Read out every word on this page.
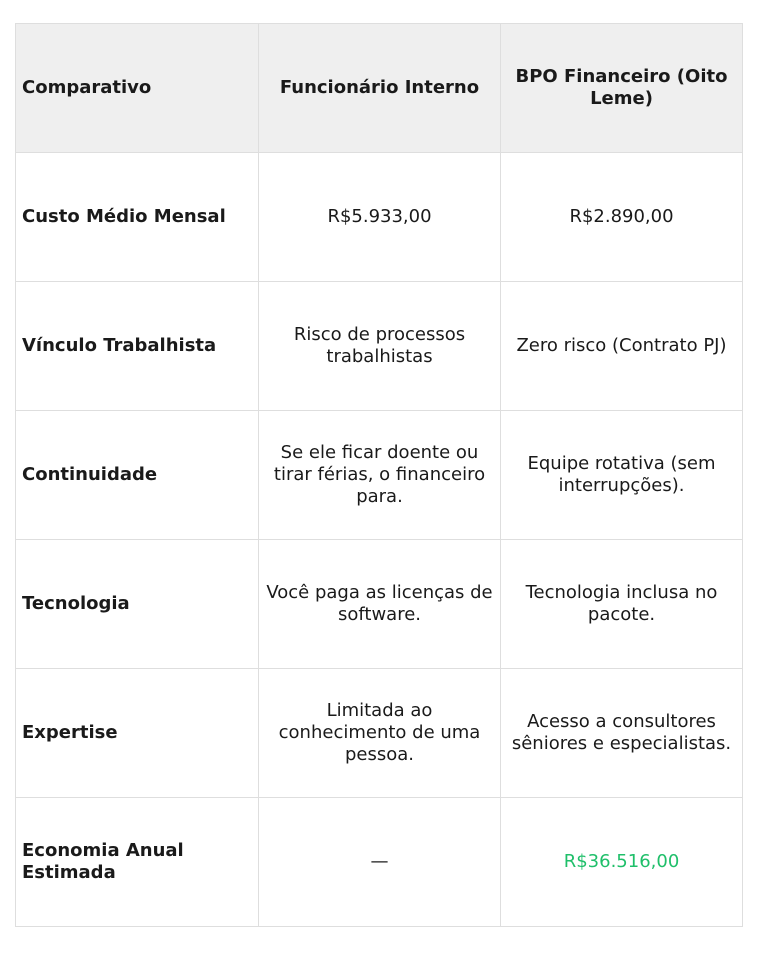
Comparativo	Funcionário Interno	BPO Financeiro (Oito Leme)
Custo Médio Mensal	R$5.933,00	R$2.890,00
Vínculo Trabalhista	Risco de processos trabalhistas	Zero risco (Contrato PJ)
Continuidade	Se ele ficar doente ou tirar férias, o financeiro para.	Equipe rotativa (sem interrupções).
Tecnologia	Você paga as licenças de software.	Tecnologia inclusa no pacote.
Expertise	Limitada ao conhecimento de uma pessoa.	Acesso a consultores sêniores e especialistas.
Economia Anual Estimada	—	R$36.516,00
